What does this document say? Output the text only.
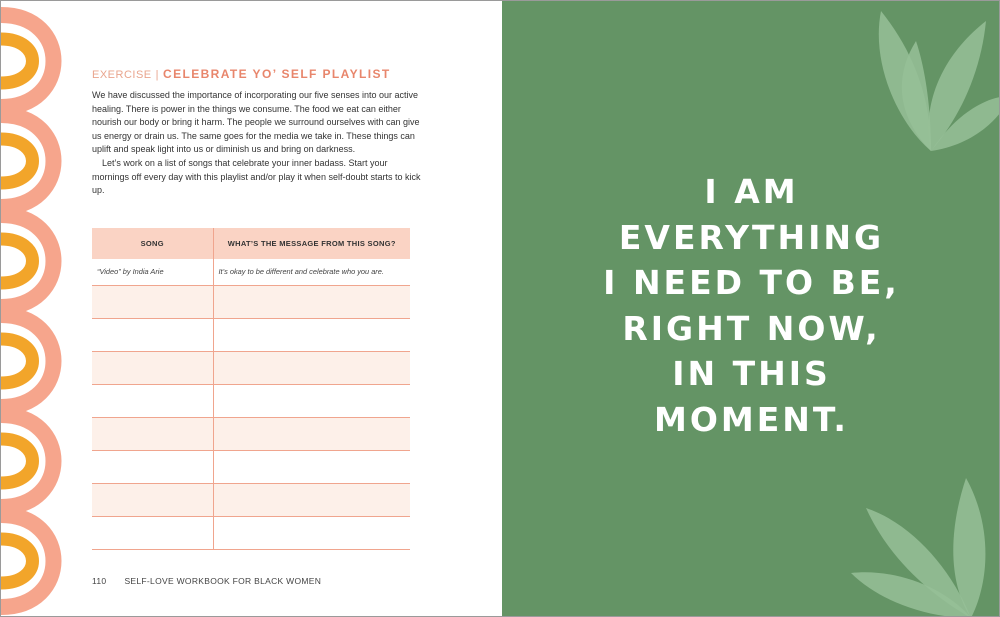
EXERCISE | CELEBRATE YO’ SELF PLAYLIST

We have discussed the importance of incorporating our five senses into our active healing. There is power in the things we consume. The food we eat can either nourish our body or bring it harm. The people we surround ourselves with can give us energy or drain us. The same goes for the media we take in. These things can uplift and speak light into us or diminish us and bring on darkness.

Let’s work on a list of songs that celebrate your inner badass. Start your mornings off every day with this playlist and/or play it when self-doubt starts to kick up.

SONG	WHAT’S THE MESSAGE FROM THIS SONG?
“Video” by India Arie	It’s okay to be different and celebrate who you are.

110 SELF-LOVE WORKBOOK FOR BLACK WOMEN
I AM
EVERYTHING
I NEED TO BE,
RIGHT NOW,
IN THIS
MOMENT.
